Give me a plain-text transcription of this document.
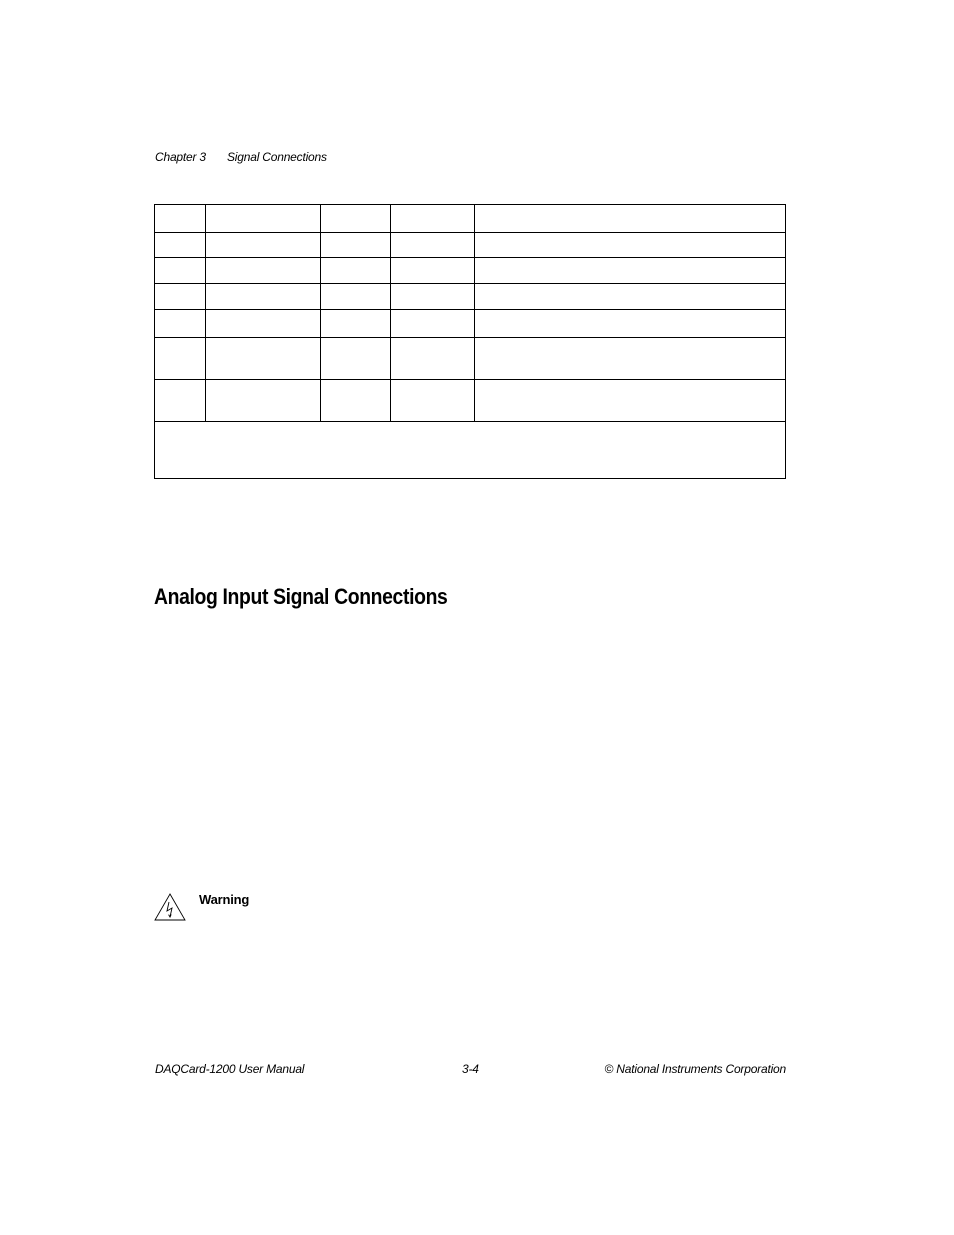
Chapter 3 Signal Connections

Analog Input Signal Connections
Warning
DAQCard-1200 User Manual	3-4	© National Instruments Corporation
